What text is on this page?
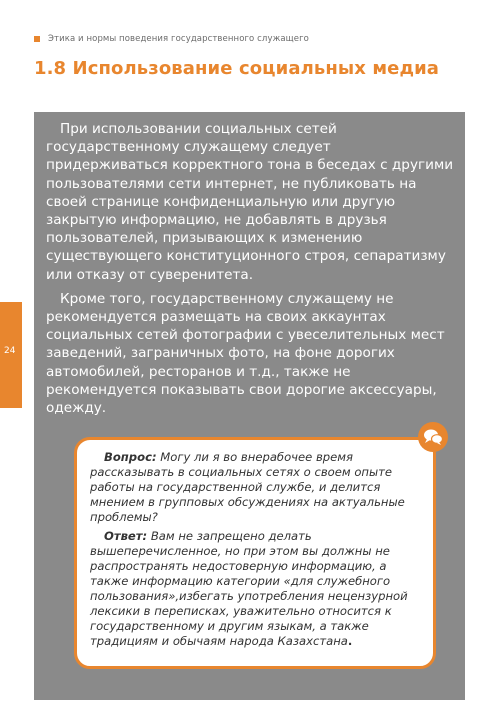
Этика и нормы поведения государственного служащего
1.8 Использование социальных медиа
24

При использовании социальных сетей государственному служащему следует придерживаться корректного тона в беседах с другими пользователями сети интернет, не публиковать на своей странице конфиденциальную или другую закрытую информацию, не добавлять в друзья пользователей, призывающих к изменению существующего конституционного строя, сепаратизму или отказу от суверенитета.

Кроме того, государственному служащему не рекомендуется размещать на своих аккаунтах социальных сетей фотографии с увеселительных мест заведений, заграничных фото, на фоне дорогих автомобилей, ресторанов и т.д., также не рекомендуется показывать свои дорогие аксессуары, одежду.

Вопрос: Могу ли я во внерабочее время рассказывать в социальных сетях о своем опыте работы на государственной службе, и делится мнением в групповых обсуждениях на актуальные проблемы?

Ответ: Вам не запрещено делать вышеперечисленное, но при этом вы должны не распространять недостоверную информацию, а также информацию категории «для служебного пользования»,избегать употребления нецензурной лексики в переписках, уважительно относится к государственному и другим языкам, а также традициям и обычаям народа Казахстана.
